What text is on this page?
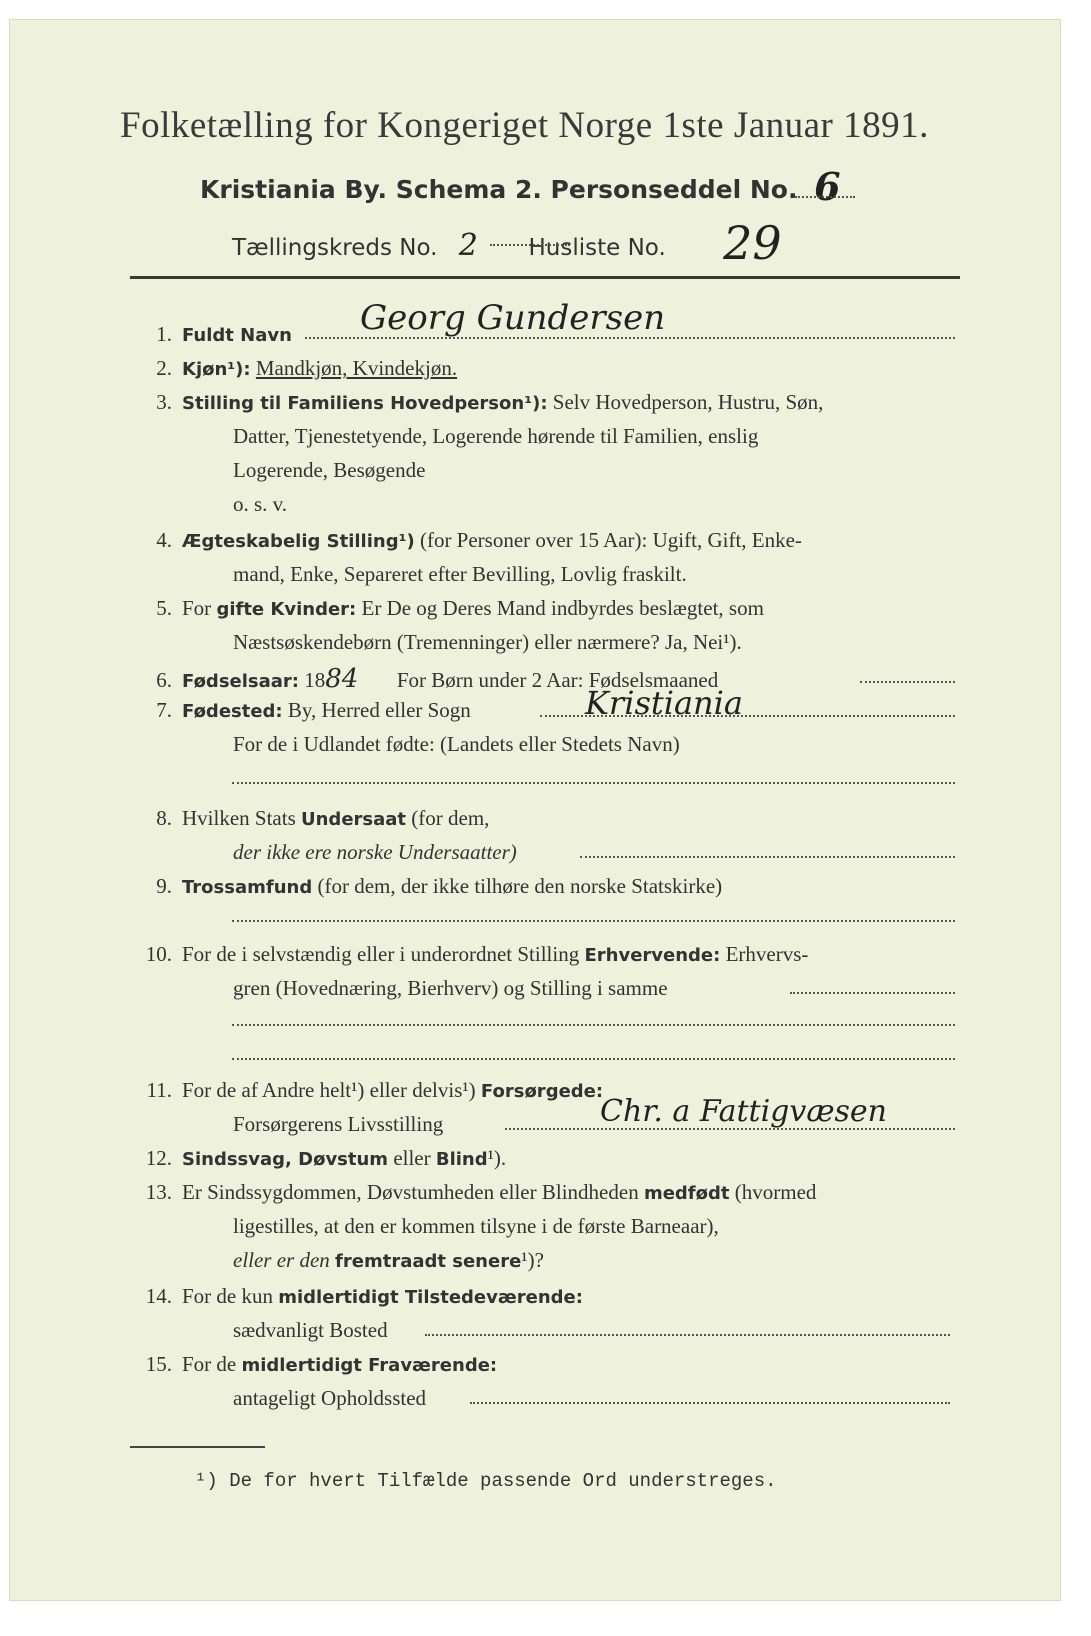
Folketælling for Kongeriget Norge 1ste Januar 1891.
Kristiania By. Schema 2. Personseddel No. 6
Tællingskreds No. 2 Husliste No. 29
1. Fuldt Navn	Georg Gundersen
2. Kjøn¹): Mandkjøn, Kvindekjøn.
3. Stilling til Familiens Hovedperson¹): Selv Hovedperson, Hustru, Søn,
Datter, Tjenestetyende, Logerende hørende til Familien, enslig
Logerende, Besøgende
o. s. v.
4. Ægteskabelig Stilling¹) (for Personer over 15 Aar): Ugift, Gift, Enke-
mand, Enke, Separeret efter Bevilling, Lovlig fraskilt.
5. For gifte Kvinder: Er De og Deres Mand indbyrdes beslægtet, som
Næstsøskendebørn (Tremenninger) eller nærmere? Ja, Nei¹).
6. Fødselsaar: 1884 For Børn under 2 Aar: Fødselsmaaned
7. Fødested: By, Herred eller Sogn	Kristiania
For de i Udlandet fødte: (Landets eller Stedets Navn)
8. Hvilken Stats Undersaat (for dem,
der ikke ere norske Undersaatter)
9. Trossamfund (for dem, der ikke tilhøre den norske Statskirke)
10. For de i selvstændig eller i underordnet Stilling Erhvervende: Erhvervs-
gren (Hovednæring, Bierhverv) og Stilling i samme
11. For de af Andre helt¹) eller delvis¹) Forsørgede:
Forsørgerens Livsstilling	Chr. a Fattigvæsen
12. Sindssvag, Døvstum eller Blind¹).
13. Er Sindssygdommen, Døvstumheden eller Blindheden medfødt (hvormed
ligestilles, at den er kommen tilsyne i de første Barneaar),
eller er den fremtraadt senere¹)?
14. For de kun midlertidigt Tilstedeværende:
sædvanligt Bosted
15. For de midlertidigt Fraværende:
antageligt Opholdssted
¹) De for hvert Tilfælde passende Ord understreges.
